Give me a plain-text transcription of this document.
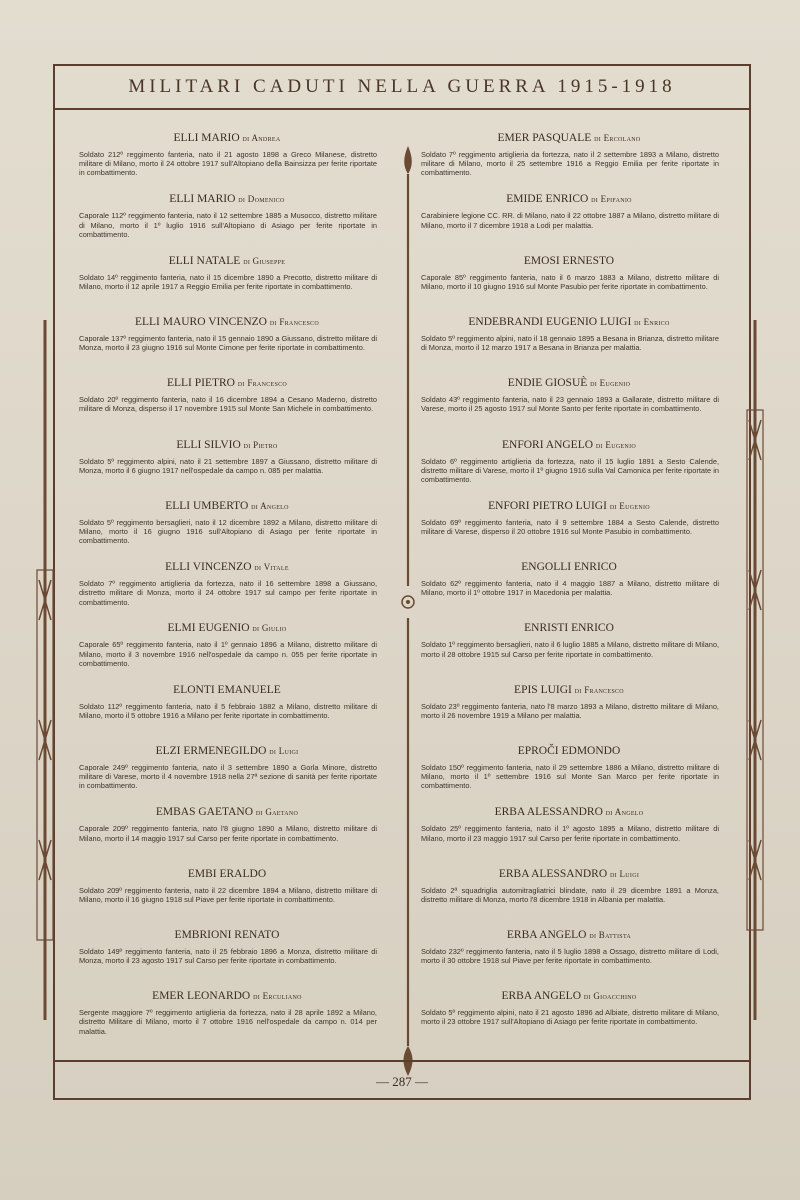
MILITARI CADUTI NELLA GUERRA 1915-1918
ELLI MARIO di Andrea
Soldato 212º reggimento fanteria, nato il 21 agosto 1898 a Greco Milanese, distretto militare di Milano, morto il 24 ottobre 1917 sull'Altopiano della Bainsizza per ferite riportate in combattimento.
ELLI MARIO di Domenico
Caporale 112º reggimento fanteria, nato il 12 settembre 1885 a Musocco, distretto militare di Milano, morto il 1º luglio 1916 sull'Altopiano di Asiago per ferite riportate in combattimento.
ELLI NATALE di Giuseppe
Soldato 14º reggimento fanteria, nato il 15 dicembre 1890 a Precotto, distretto militare di Milano, morto il 12 aprile 1917 a Reggio Emilia per ferite riportate in combattimento.
ELLI MAURO VINCENZO di Francesco
Caporale 137º reggimento fanteria, nato il 15 gennaio 1890 a Giussano, distretto militare di Monza, morto il 23 giugno 1916 sul Monte Cimone per ferite riportate in combattimento.
ELLI PIETRO di Francesco
Soldato 20º reggimento fanteria, nato il 16 dicembre 1894 a Cesano Maderno, distretto militare di Monza, disperso il 17 novembre 1915 sul Monte San Michele in combattimento.
ELLI SILVIO di Pietro
Soldato 5º reggimento alpini, nato il 21 settembre 1897 a Giussano, distretto militare di Monza, morto il 6 giugno 1917 nell'ospedale da campo n. 085 per malattia.
ELLI UMBERTO di Angelo
Soldato 5º reggimento bersaglieri, nato il 12 dicembre 1892 a Milano, distretto militare di Milano, morto il 16 giugno 1916 sull'Altopiano di Asiago per ferite riportate in combattimento.
ELLI VINCENZO di Vitale
Soldato 7º reggimento artiglieria da fortezza, nato il 16 settembre 1898 a Giussano, distretto militare di Monza, morto il 24 ottobre 1917 sul campo per ferite riportate in combattimento.
ELMI EUGENIO di Giulio
Caporale 65º reggimento fanteria, nato il 1º gennaio 1896 a Milano, distretto militare di Milano, morto il 3 novembre 1916 nell'ospedale da campo n. 055 per ferite riportate in combattimento.
ELONTI EMANUELE
Soldato 112º reggimento fanteria, nato il 5 febbraio 1882 a Milano, distretto militare di Milano, morto il 5 ottobre 1916 a Milano per ferite riportate in combattimento.
ELZI ERMENEGILDO di Luigi
Caporale 249º reggimento fanteria, nato il 3 settembre 1890 a Gorla Minore, distretto militare di Varese, morto il 4 novembre 1918 nella 27ª sezione di sanità per ferite riportate in combattimento.
EMBAS GAETANO di Gaetano
Caporale 209º reggimento fanteria, nato l'8 giugno 1890 a Milano, distretto militare di Milano, morto il 14 maggio 1917 sul Carso per ferite riportate in combattimento.
EMBI ERALDO
Soldato 209º reggimento fanteria, nato il 22 dicembre 1894 a Milano, distretto militare di Milano, morto il 16 giugno 1918 sul Piave per ferite riportate in combattimento.
EMBRIONI RENATO
Soldato 149º reggimento fanteria, nato il 25 febbraio 1896 a Monza, distretto militare di Monza, morto il 23 agosto 1917 sul Carso per ferite riportate in combattimento.
EMER LEONARDO di Erculiano
Sergente maggiore 7º reggimento artiglieria da fortezza, nato il 28 aprile 1892 a Milano, distretto Militare di Milano, morto il 7 ottobre 1916 nell'ospedale da campo n. 014 per malattia.
EMER PASQUALE di Ercolano
Soldato 7º reggimento artiglieria da fortezza, nato il 2 settembre 1893 a Milano, distretto militare di Milano, morto il 25 settembre 1916 a Reggio Emilia per ferite riportate in combattimento.
EMIDE ENRICO di Epifanio
Carabiniere legione CC. RR. di Milano, nato il 22 ottobre 1887 a Milano, distretto militare di Milano, morto il 7 dicembre 1918 a Lodi per malattia.
EMOSI ERNESTO
Caporale 85º reggimento fanteria, nato il 6 marzo 1883 a Milano, distretto militare di Milano, morto il 10 giugno 1916 sul Monte Pasubio per ferite riportate in combattimento.
ENDEBRANDI EUGENIO LUIGI di Enrico
Soldato 5º reggimento alpini, nato il 18 gennaio 1895 a Besana in Brianza, distretto militare di Monza, morto il 12 marzo 1917 a Besana in Brianza per malattia.
ENDIE GIOSUÈ di Eugenio
Soldato 43º reggimento fanteria, nato il 23 gennaio 1893 a Gallarate, distretto militare di Varese, morto il 25 agosto 1917 sul Monte Santo per ferite riportate in combattimento.
ENFORI ANGELO di Eugenio
Soldato 6º reggimento artiglieria da fortezza, nato il 15 luglio 1891 a Sesto Calende, distretto militare di Varese, morto il 1º giugno 1916 sulla Val Camonica per ferite riportate in combattimento.
ENFORI PIETRO LUIGI di Eugenio
Soldato 69º reggimento fanteria, nato il 9 settembre 1884 a Sesto Calende, distretto militare di Varese, disperso il 20 ottobre 1916 sul Monte Pasubio in combattimento.
ENGOLLI ENRICO
Soldato 62º reggimento fanteria, nato il 4 maggio 1887 a Milano, distretto militare di Milano, morto il 1º ottobre 1917 in Macedonia per malattia.
ENRISTI ENRICO
Soldato 1º reggimento bersaglieri, nato il 6 luglio 1885 a Milano, distretto militare di Milano, morto il 28 ottobre 1915 sul Carso per ferite riportate in combattimento.
EPIS LUIGI di Francesco
Soldato 23º reggimento fanteria, nato l'8 marzo 1893 a Milano, distretto militare di Milano, morto il 26 novembre 1919 a Milano per malattia.
EPROČI EDMONDO
Soldato 150º reggimento fanteria, nato il 29 settembre 1886 a Milano, distretto militare di Milano, morto il 1º settembre 1916 sul Monte San Marco per ferite riportate in combattimento.
ERBA ALESSANDRO di Angelo
Soldato 25º reggimento fanteria, nato il 1º agosto 1895 a Milano, distretto militare di Milano, morto il 23 maggio 1917 sul Carso per ferite riportate in combattimento.
ERBA ALESSANDRO di Luigi
Soldato 2ª squadriglia automitragliatrici blindate, nato il 29 dicembre 1891 a Monza, distretto militare di Monza, morto l'8 dicembre 1918 in Albania per malattia.
ERBA ANGELO di Battista
Soldato 232º reggimento fanteria, nato il 5 luglio 1898 a Ossago, distretto militare di Lodi, morto il 30 ottobre 1918 sul Piave per ferite riportate in combattimento.
ERBA ANGELO di Gioacchino
Soldato 5º reggimento alpini, nato il 21 agosto 1896 ad Albiate, distretto militare di Milano, morto il 23 ottobre 1917 sull'Altopiano di Asiago per ferite riportate in combattimento.
— 287 —
